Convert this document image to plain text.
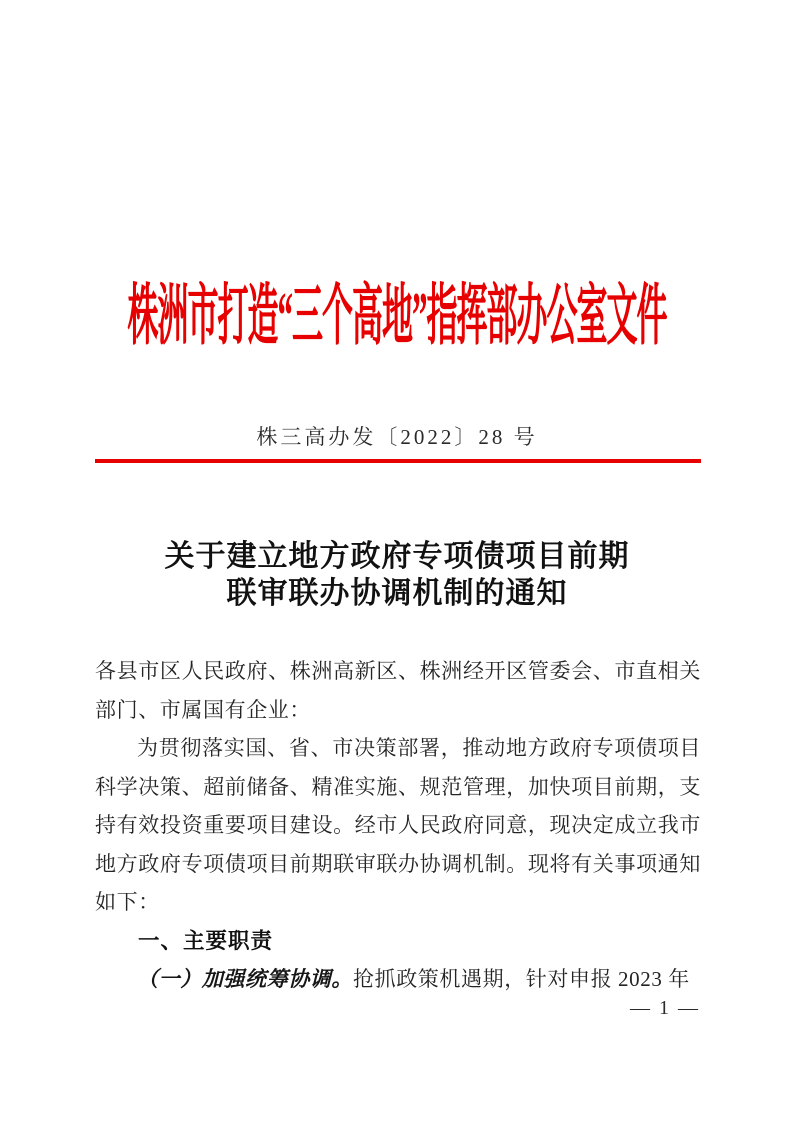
株洲市打造“三个高地”指挥部办公室文件
株三高办发〔2022〕28 号
关于建立地方政府专项债项目前期
联审联办协调机制的通知

各县市区人民政府、株洲高新区、株洲经开区管委会、市直相关部门、市属国有企业：

为贯彻落实国、省、市决策部署，推动地方政府专项债项目科学决策、超前储备、精准实施、规范管理，加快项目前期，支持有效投资重要项目建设。经市人民政府同意，现决定成立我市地方政府专项债项目前期联审联办协调机制。现将有关事项通知如下：

一、主要职责

（一）加强统筹协调。抢抓政策机遇期，针对申报 2023 年

— 1 —
